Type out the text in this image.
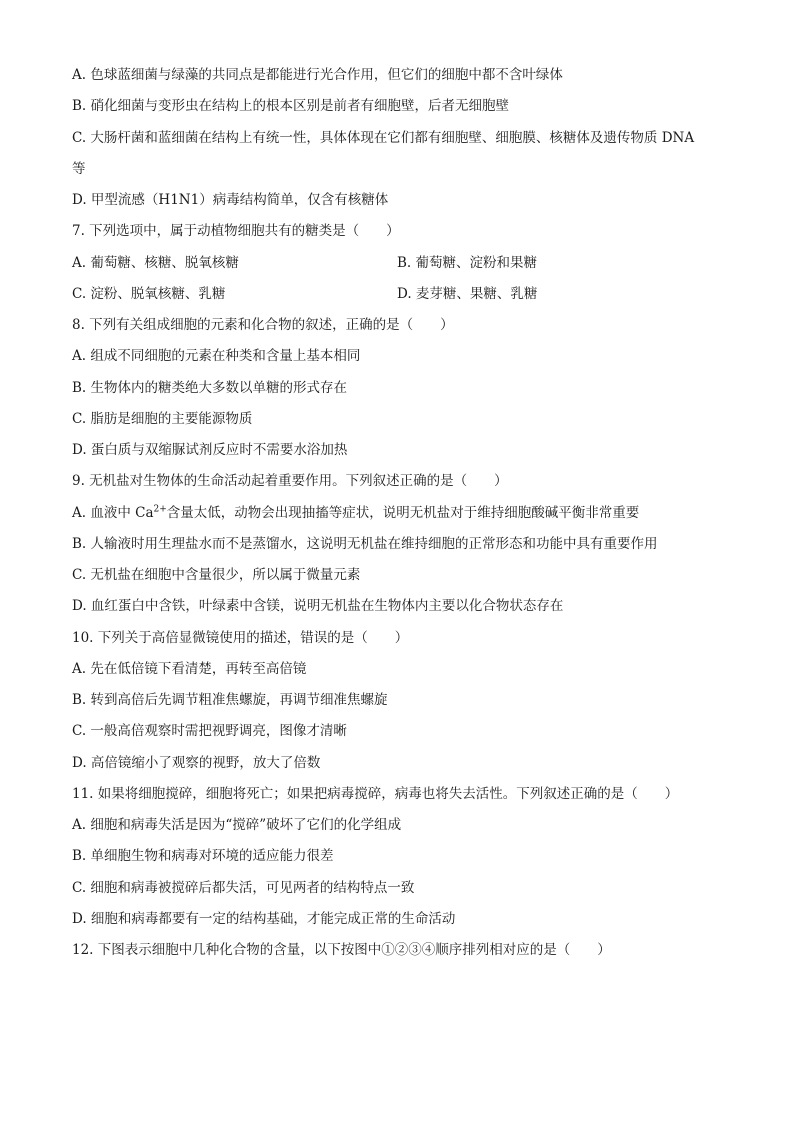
A. 色球蓝细菌与绿藻的共同点是都能进行光合作用，但它们的细胞中都不含叶绿体
B. 硝化细菌与变形虫在结构上的根本区别是前者有细胞壁，后者无细胞壁
C. 大肠杆菌和蓝细菌在结构上有统一性，具体体现在它们都有细胞壁、细胞膜、核糖体及遗传物质 DNA
等
D. 甲型流感（H1N1）病毒结构简单，仅含有核糖体
7. 下列选项中，属于动植物细胞共有的糖类是（　　）
A. 葡萄糖、核糖、脱氧核糖	B. 葡萄糖、淀粉和果糖
C. 淀粉、脱氧核糖、乳糖	D. 麦芽糖、果糖、乳糖
8. 下列有关组成细胞的元素和化合物的叙述，正确的是（　　）
A. 组成不同细胞的元素在种类和含量上基本相同
B. 生物体内的糖类绝大多数以单糖的形式存在
C. 脂肪是细胞的主要能源物质
D. 蛋白质与双缩脲试剂反应时不需要水浴加热
9. 无机盐对生物体的生命活动起着重要作用。下列叙述正确的是（　　）
A. 血液中 $Ca^{2+}$含量太低，动物会出现抽搐等症状，说明无机盐对于维持细胞酸碱平衡非常重要
B. 人输液时用生理盐水而不是蒸馏水，这说明无机盐在维持细胞的正常形态和功能中具有重要作用
C. 无机盐在细胞中含量很少，所以属于微量元素
D. 血红蛋白中含铁，叶绿素中含镁，说明无机盐在生物体内主要以化合物状态存在
10. 下列关于高倍显微镜使用的描述，错误的是（　　）
A. 先在低倍镜下看清楚，再转至高倍镜
B. 转到高倍后先调节粗准焦螺旋，再调节细准焦螺旋
C. 一般高倍观察时需把视野调亮，图像才清晰
D. 高倍镜缩小了观察的视野，放大了倍数
11. 如果将细胞搅碎，细胞将死亡；如果把病毒搅碎，病毒也将失去活性。下列叙述正确的是（　　）
A. 细胞和病毒失活是因为“搅碎”破坏了它们的化学组成
B. 单细胞生物和病毒对环境的适应能力很差
C. 细胞和病毒被搅碎后都失活，可见两者的结构特点一致
D. 细胞和病毒都要有一定的结构基础，才能完成正常的生命活动
12. 下图表示细胞中几种化合物的含量，以下按图中①②③④顺序排列相对应的是（　　）
